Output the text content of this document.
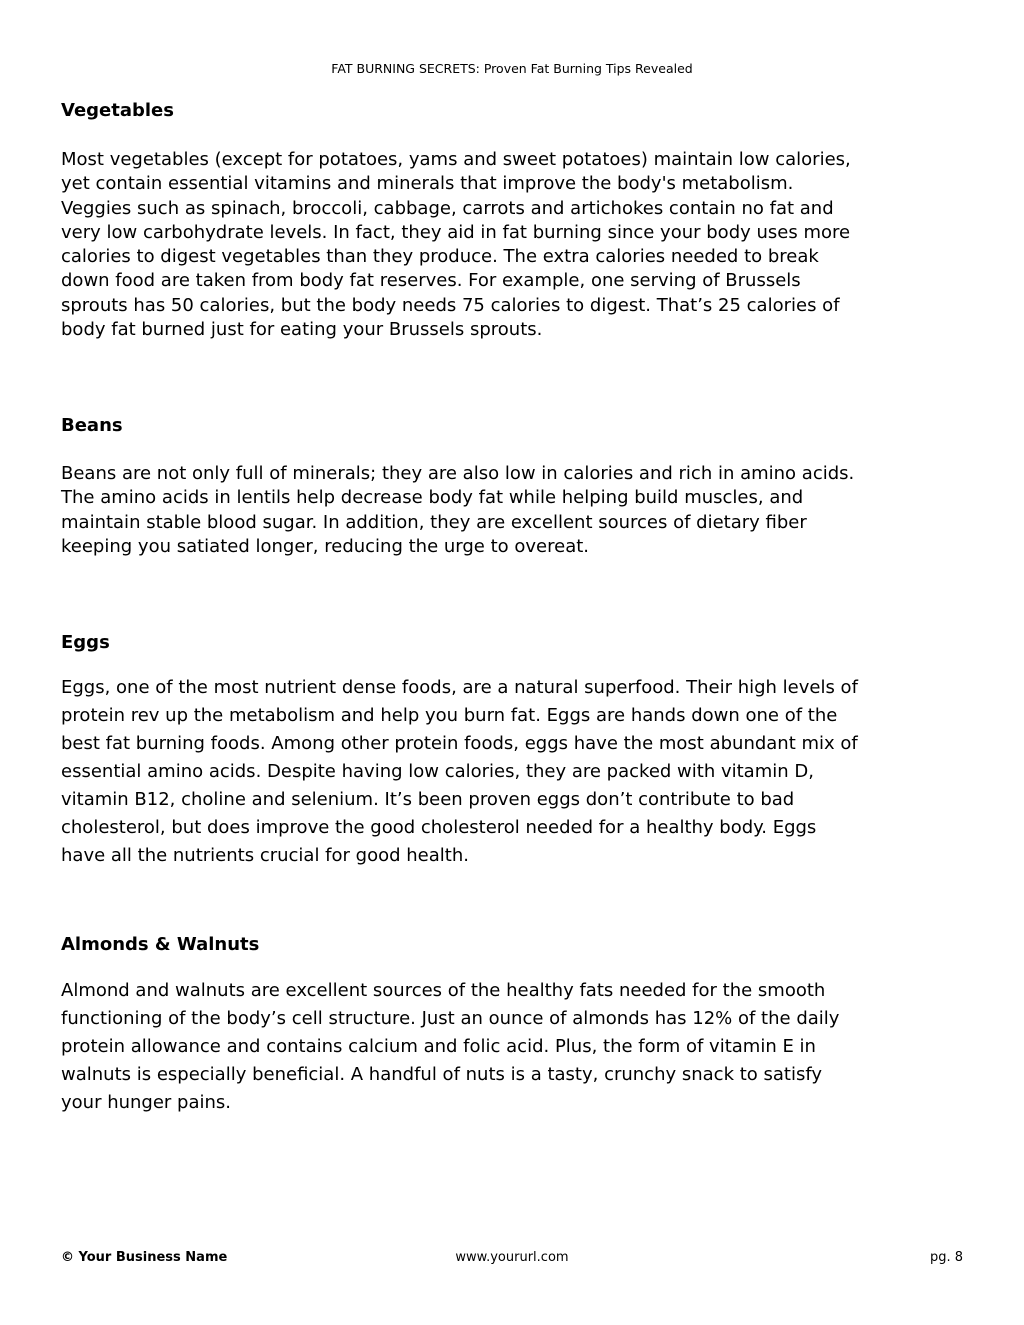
FAT BURNING SECRETS: Proven Fat Burning Tips Revealed
Vegetables
Most vegetables (except for potatoes, yams and sweet potatoes) maintain low calories,
yet contain essential vitamins and minerals that improve the body's metabolism.
Veggies such as spinach, broccoli, cabbage, carrots and artichokes contain no fat and
very low carbohydrate levels. In fact, they aid in fat burning since your body uses more
calories to digest vegetables than they produce. The extra calories needed to break
down food are taken from body fat reserves. For example, one serving of Brussels
sprouts has 50 calories, but the body needs 75 calories to digest. That’s 25 calories of
body fat burned just for eating your Brussels sprouts.
Beans
Beans are not only full of minerals; they are also low in calories and rich in amino acids.
The amino acids in lentils help decrease body fat while helping build muscles, and
maintain stable blood sugar. In addition, they are excellent sources of dietary fiber
keeping you satiated longer, reducing the urge to overeat.
Eggs
Eggs, one of the most nutrient dense foods, are a natural superfood. Their high levels of
protein rev up the metabolism and help you burn fat. Eggs are hands down one of the
best fat burning foods. Among other protein foods, eggs have the most abundant mix of
essential amino acids. Despite having low calories, they are packed with vitamin D,
vitamin B12, choline and selenium. It’s been proven eggs don’t contribute to bad
cholesterol, but does improve the good cholesterol needed for a healthy body. Eggs
have all the nutrients crucial for good health.
Almonds & Walnuts
Almond and walnuts are excellent sources of the healthy fats needed for the smooth
functioning of the body’s cell structure. Just an ounce of almonds has 12% of the daily
protein allowance and contains calcium and folic acid. Plus, the form of vitamin E in
walnuts is especially beneficial. A handful of nuts is a tasty, crunchy snack to satisfy
your hunger pains.
www.yoururl.com
© Your Business Name	pg. 8
